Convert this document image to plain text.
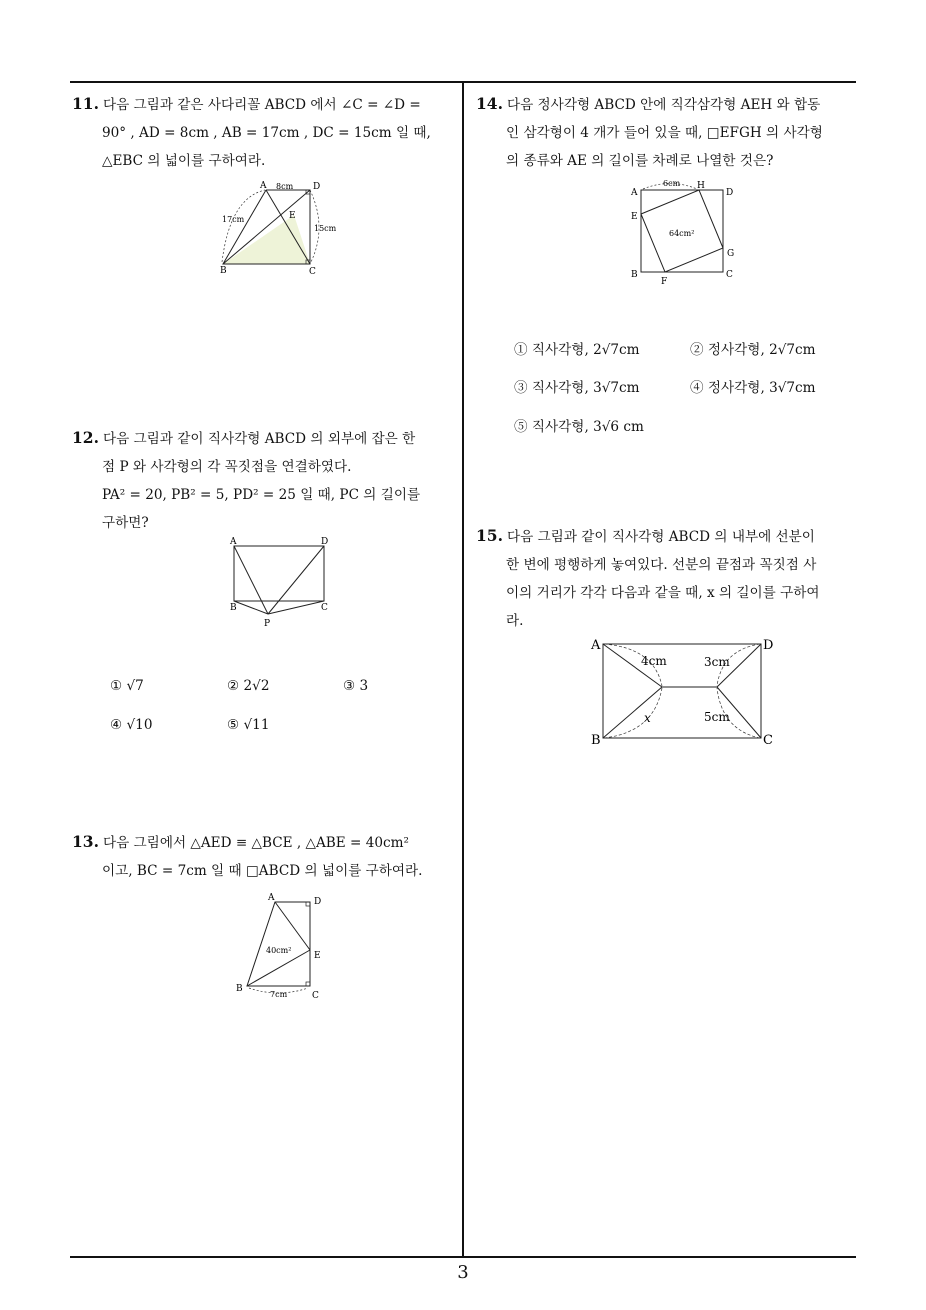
11. 다음 그림과 같은 사다리꼴 ABCD 에서 ∠C = ∠D =
90° , AD = 8cm , AB = 17cm , DC = 15cm 일 때,
△EBC 의 넓이를 구하여라.
A	D
B	C
E
8cm
17cm
15cm
12. 다음 그림과 같이 직사각형 ABCD 의 외부에 잡은 한
점 P 와 사각형의 각 꼭짓점을 연결하였다.
PA² = 20, PB² = 5, PD² = 25 일 때, PC 의 길이를
구하면?
A	D
B	C
P
① √7	② 2√2	③ 3
④ √10	⑤ √11
13. 다음 그림에서 △AED ≡ △BCE , △ABE = 40cm²
이고, BC = 7cm 일 때 □ABCD 의 넓이를 구하여라.
A	D
E
B
C
40cm²
7cm
14. 다음 정사각형 ABCD 안에 직각삼각형 AEH 와 합동
인 삼각형이 4 개가 들어 있을 때, □EFGH 의 사각형
의 종류와 AE 의 길이를 차례로 나열한 것은?
A	D
B	C
E
H
G
F
6cm
64cm²
① 직사각형, 2√7cm	② 정사각형, 2√7cm
③ 직사각형, 3√7cm	④ 정사각형, 3√7cm
⑤ 직사각형, 3√6 cm
15. 다음 그림과 같이 직사각형 ABCD 의 내부에 선분이
한 변에 평행하게 놓여있다. 선분의 끝점과 꼭짓점 사
이의 거리가 각각 다음과 같을 때, x 의 길이를 구하여
라.
A	D
B	C
4cm	3cm
5cm
x
3
